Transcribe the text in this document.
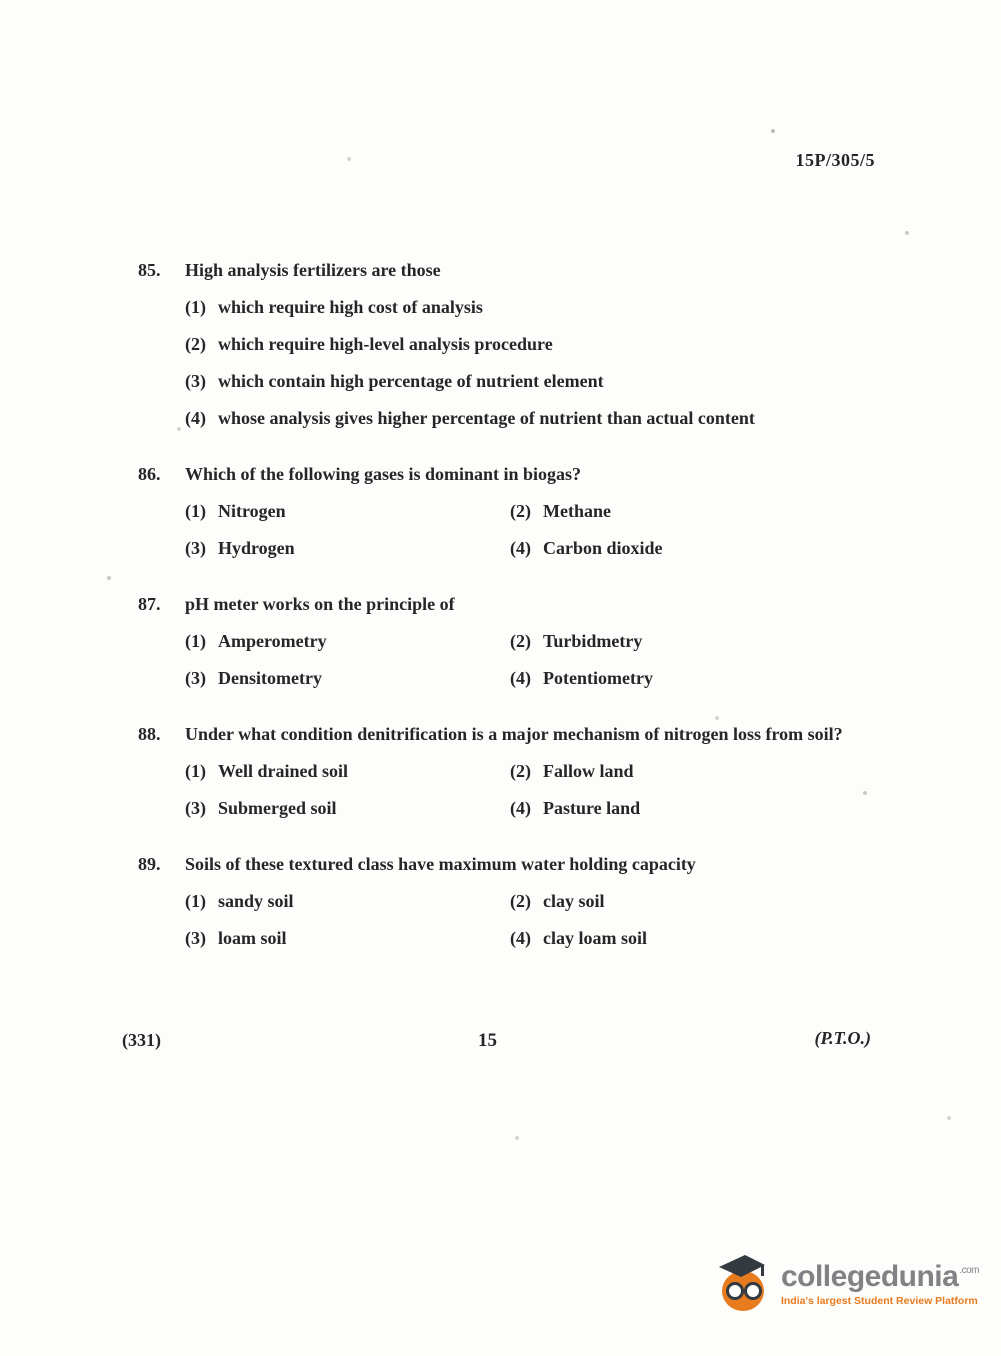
15P/305/5
85.	High analysis fertilizers are those
(1) which require high cost of analysis
(2) which require high-level analysis procedure
(3) which contain high percentage of nutrient element
(4) whose analysis gives higher percentage of nutrient than actual content
86.	Which of the following gases is dominant in biogas?
(1) Nitrogen	(2) Methane
(3) Hydrogen	(4) Carbon dioxide
87.	pH meter works on the principle of
(1) Amperometry	(2) Turbidmetry
(3) Densitometry	(4) Potentiometry
88.	Under what condition denitrification is a major mechanism of nitrogen loss from soil?
(1) Well drained soil	(2) Fallow land
(3) Submerged soil	(4) Pasture land
89.	Soils of these textured class have maximum water holding capacity
(1) sandy soil	(2) clay soil
(3) loam soil	(4) clay loam soil
(331)	15	(P.T.O.)
collegedunia .com
India's largest Student Review Platform
